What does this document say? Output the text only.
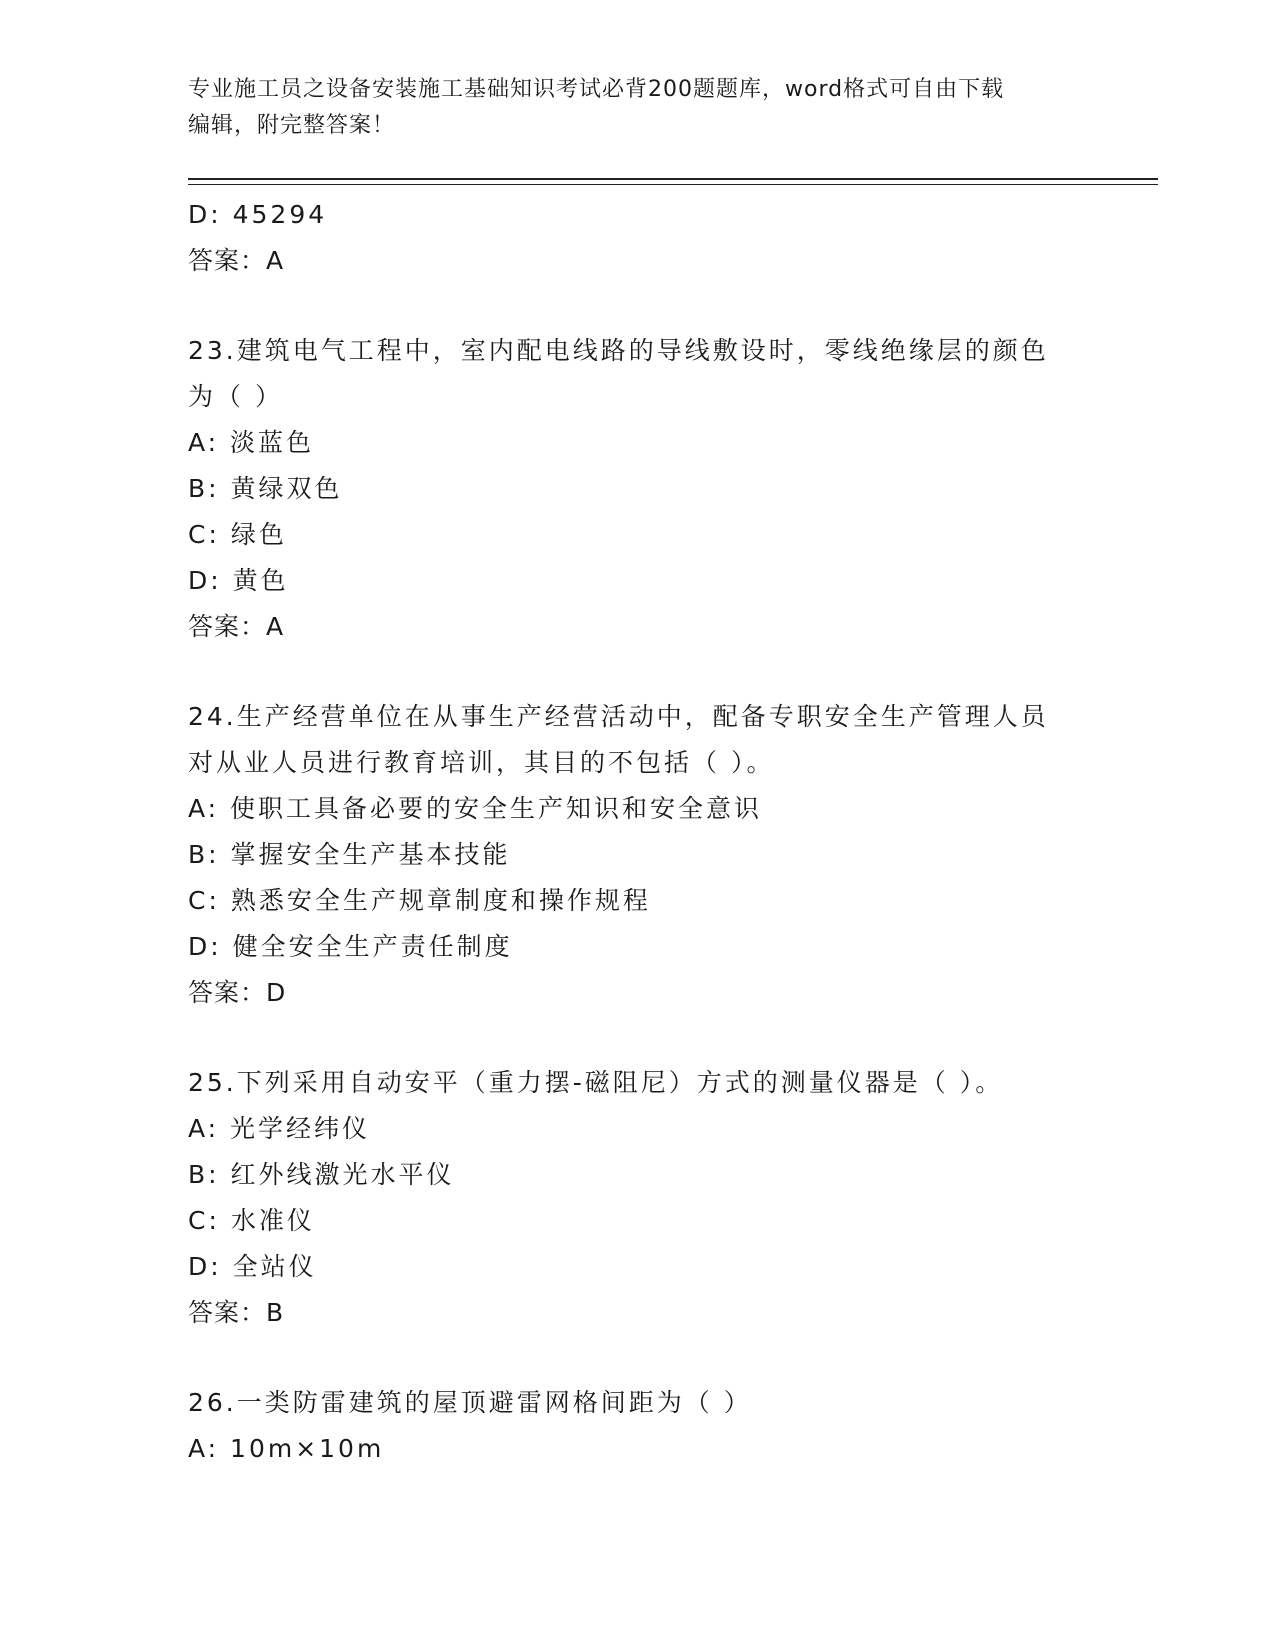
专业施工员之设备安装施工基础知识考试必背200题题库，word格式可自由下载
编辑，附完整答案！
D: 45294
答案：A
23.建筑电气工程中，室内配电线路的导线敷设时，零线绝缘层的颜色
为（ ）
A: 淡蓝色
B: 黄绿双色
C: 绿色
D: 黄色
答案：A
24.生产经营单位在从事生产经营活动中，配备专职安全生产管理人员
对从业人员进行教育培训，其目的不包括（ ）。
A: 使职工具备必要的安全生产知识和安全意识
B: 掌握安全生产基本技能
C: 熟悉安全生产规章制度和操作规程
D: 健全安全生产责任制度
答案：D
25.下列采用自动安平（重力摆-磁阻尼）方式的测量仪器是（ ）。
A: 光学经纬仪
B: 红外线激光水平仪
C: 水准仪
D: 全站仪
答案：B
26.一类防雷建筑的屋顶避雷网格间距为（ ）
A: 10m×10m
